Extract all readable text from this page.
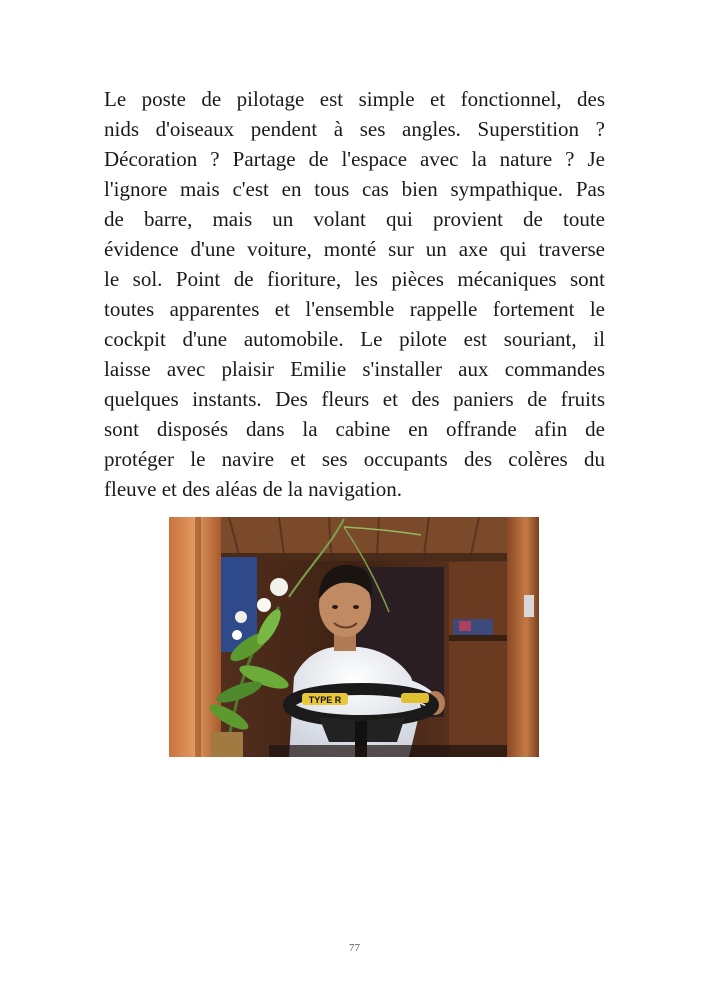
Le poste de pilotage est simple et fonctionnel, des
nids d'oiseaux pendent à ses angles. Superstition ?
Décoration ? Partage de l'espace avec la nature ? Je
l'ignore mais c'est en tous cas bien sympathique. Pas
de barre, mais un volant qui provient de toute
évidence d'une voiture, monté sur un axe qui traverse
le sol. Point de fioriture, les pièces mécaniques sont
toutes apparentes et l'ensemble rappelle fortement le
cockpit d'une automobile. Le pilote est souriant, il
laisse avec plaisir Emilie s'installer aux commandes
quelques instants. Des fleurs et des paniers de fruits
sont disposés dans la cabine en offrande afin de
protéger le navire et ses occupants des colères du
fleuve et des aléas de la navigation.

TYPE R
77
